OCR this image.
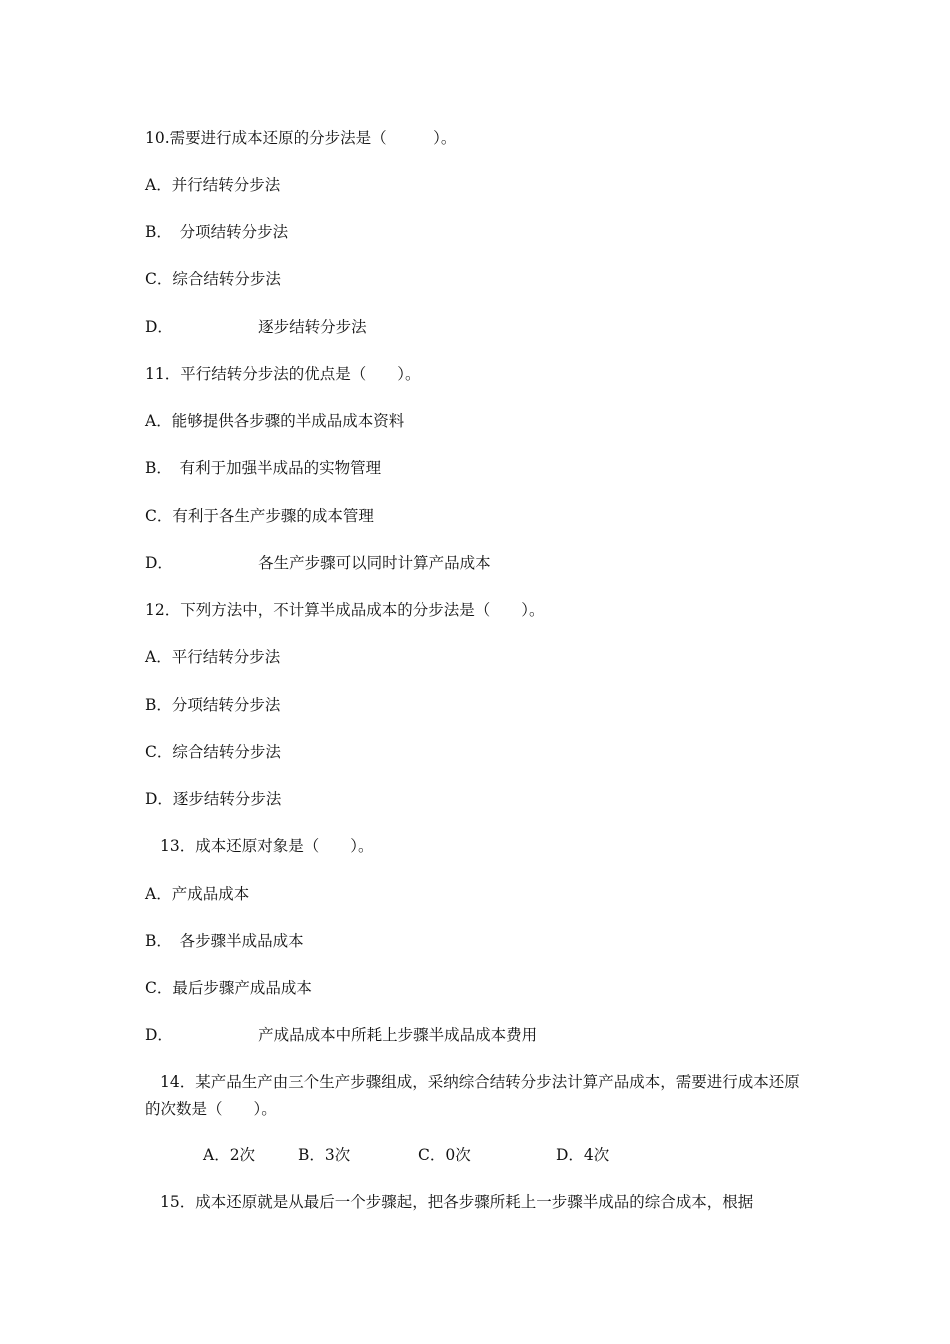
10.需要进行成本还原的分步法是（　　　）。
A．并行结转分步法
B．　分项结转分步法
C．综合结转分步法
D．　　　　　　逐步结转分步法
11．平行结转分步法的优点是（　　）。
A．能够提供各步骤的半成品成本资料
B．　有利于加强半成品的实物管理
C．有利于各生产步骤的成本管理
D．　　　　　　各生产步骤可以同时计算产品成本
12．下列方法中，不计算半成品成本的分步法是（　　）。
A．平行结转分步法
B．分项结转分步法
C．综合结转分步法
D．逐步结转分步法
13．成本还原对象是（　　）。
A．产成品成本
B．　各步骤半成品成本
C．最后步骤产成品成本
D．　　　　　　产成品成本中所耗上步骤半成品成本费用
14．某产品生产由三个生产步骤组成，采纳综合结转分步法计算产品成本，需要进行成本还原的次数是（　　）。
A．2次	B．3次	C．0次	D．4次
15．成本还原就是从最后一个步骤起，把各步骤所耗上一步骤半成品的综合成本，根据
